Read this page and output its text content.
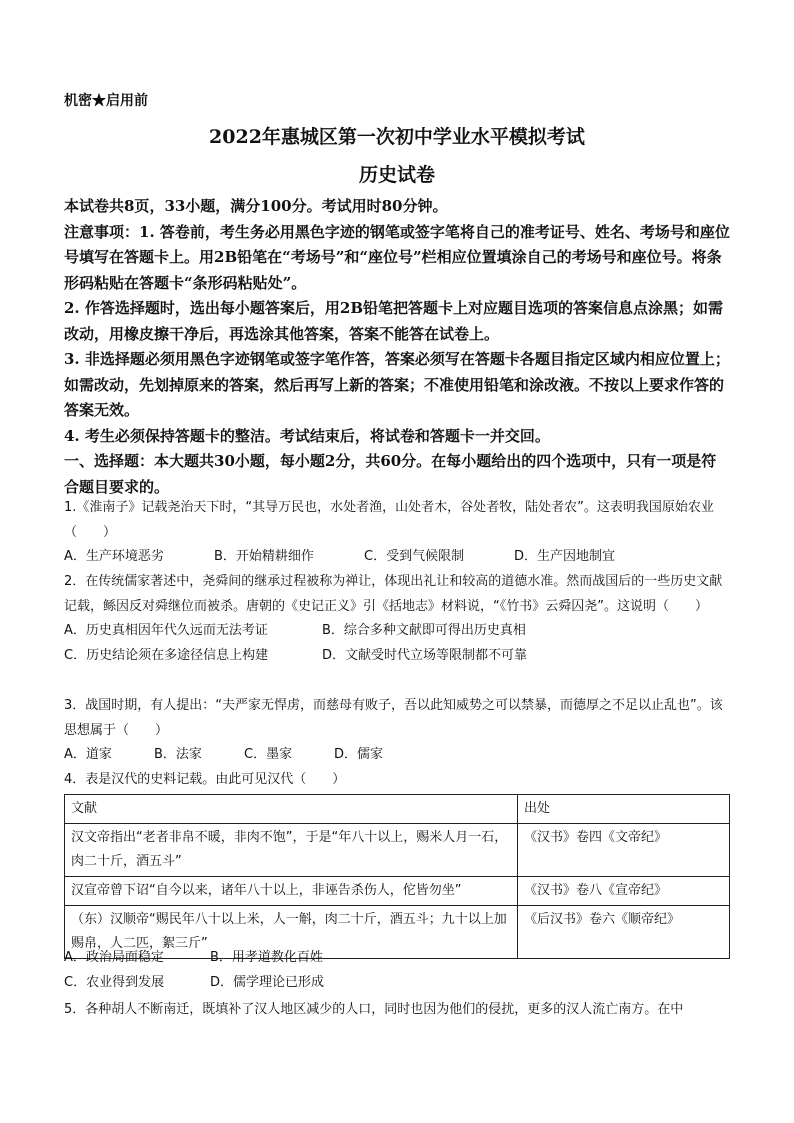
机密★启用前
2022年惠城区第一次初中学业水平模拟考试
历史试卷

本试卷共8页，33小题，满分100分。考试用时80分钟。

注意事项：1. 答卷前，考生务必用黑色字迹的钢笔或签字笔将自己的准考证号、姓名、考场号和座位号填写在答题卡上。用2B铅笔在“考场号”和“座位号”栏相应位置填涂自己的考场号和座位号。将条形码粘贴在答题卡“条形码粘贴处”。

2. 作答选择题时，选出每小题答案后，用2B铅笔把答题卡上对应题目选项的答案信息点涂黑；如需改动，用橡皮擦干净后，再选涂其他答案，答案不能答在试卷上。

3. 非选择题必须用黑色字迹钢笔或签字笔作答，答案必须写在答题卡各题目指定区域内相应位置上；如需改动，先划掉原来的答案，然后再写上新的答案；不准使用铅笔和涂改液。不按以上要求作答的答案无效。

4. 考生必须保持答题卡的整洁。考试结束后，将试卷和答题卡一并交回。

一、选择题：本大题共30小题，每小题2分，共60分。在每小题给出的四个选项中，只有一项是符合题目要求的。

1.《淮南子》记载尧治天下时，“其导万民也，水处者渔，山处者木，谷处者牧，陆处者农”。这表明我国原始农业（　　）

A．生产环境恶劣	B．开始精耕细作	C．受到气候限制	D．生产因地制宜

2．在传统儒家著述中，尧舜间的继承过程被称为禅让，体现出礼让和较高的道德水准。然而战国后的一些历史文献记载，鲧因反对舜继位而被杀。唐朝的《史记正义》引《括地志》材料说，“《竹书》云舜囚尧”。这说明（　　）

A．历史真相因年代久远而无法考证	B．综合多种文献即可得出历史真相

C．历史结论须在多途径信息上构建	D．文献受时代立场等限制都不可靠

3．战国时期，有人提出：“夫严家无悍虏，而慈母有败子，吾以此知威势之可以禁暴，而德厚之不足以止乱也”。该思想属于（　　）

A．道家	B．法家	C．墨家	D．儒家

4．表是汉代的史料记载。由此可见汉代（　　）

文献	出处
汉文帝指出“老者非帛不暖，非肉不饱”，于是“年八十以上，赐米人月一石，肉二十斤，酒五斗”	《汉书》卷四《文帝纪》
汉宣帝曾下诏“自今以来，诸年八十以上，非诬告杀伤人，佗皆勿坐”	《汉书》卷八《宣帝纪》
（东）汉顺帝“赐民年八十以上米，人一斛，肉二十斤，酒五斗；九十以上加赐帛，人二匹，絮三斤”	《后汉书》卷六《顺帝纪》

A．政治局面稳定	B．用孝道教化百姓

C．农业得到发展	D．儒学理论已形成

5．各种胡人不断南迁，既填补了汉人地区减少的人口，同时也因为他们的侵扰，更多的汉人流亡南方。在中
